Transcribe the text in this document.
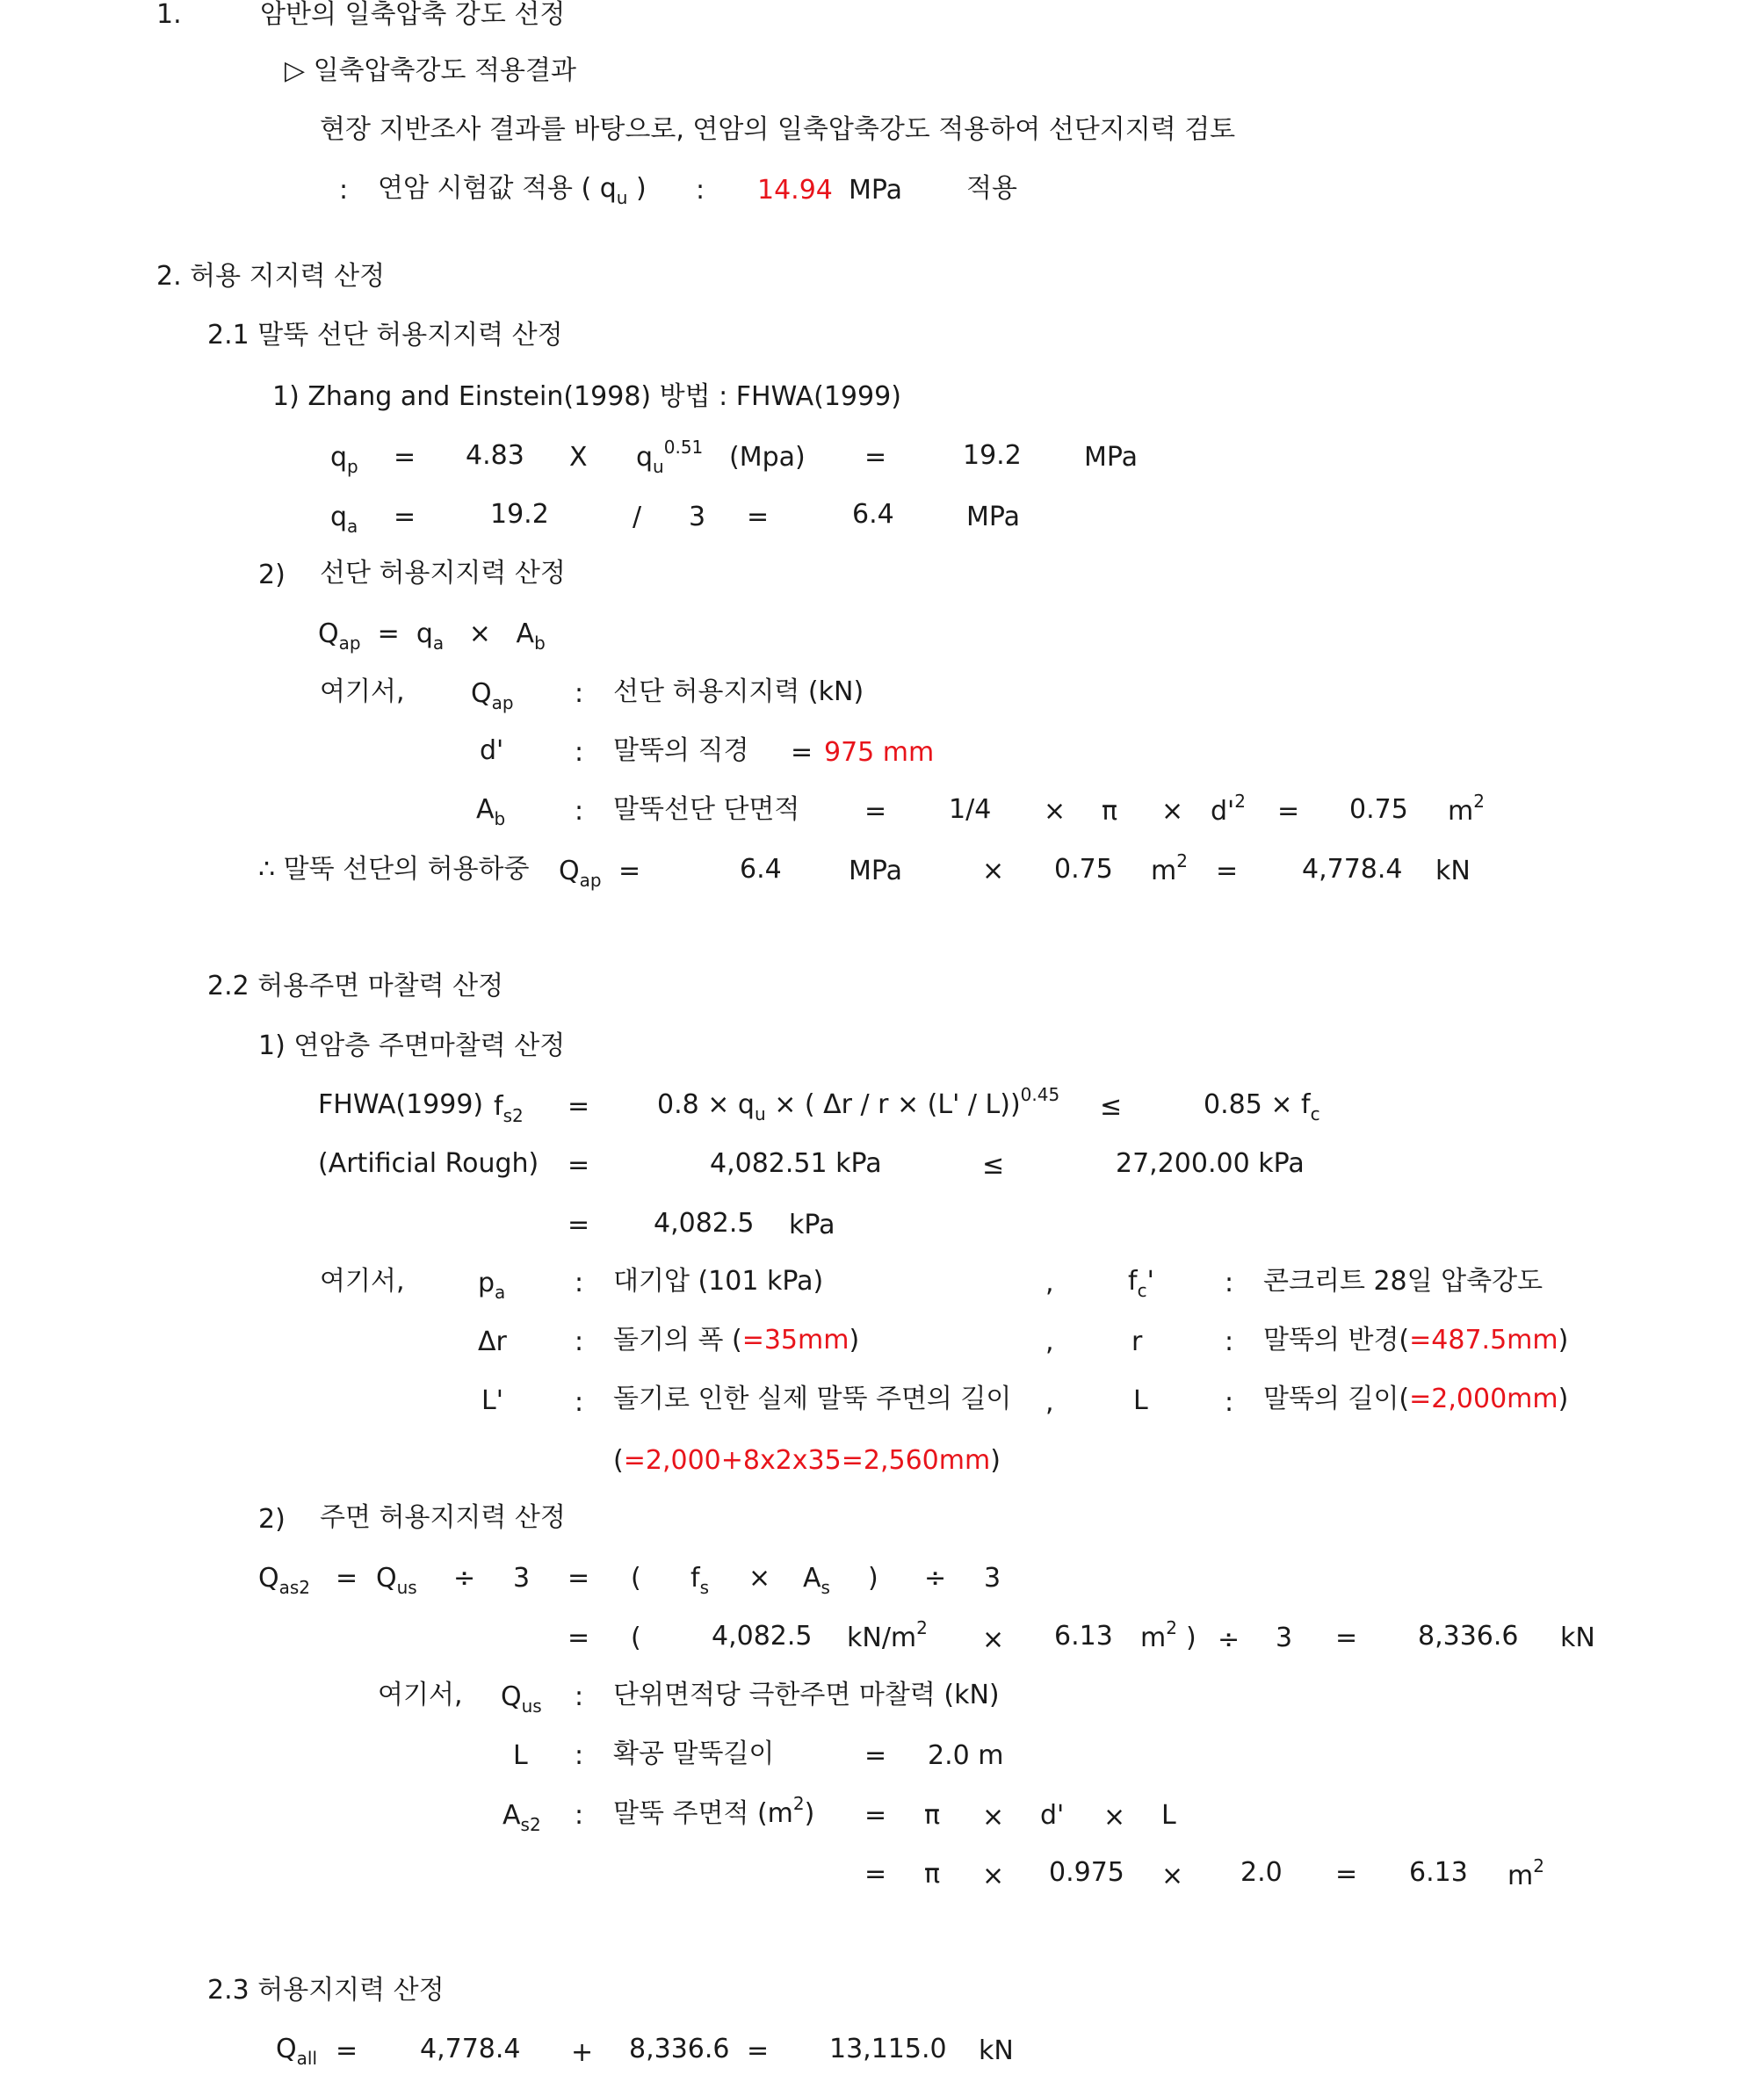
1.	암반의 일축압축 강도 선정
▷ 일축압축강도 적용결과
현장 지반조사 결과를 바탕으로, 연암의 일축압축강도 적용하여 선단지지력 검토
: 연암 시험값 적용 ( $q_u$ ) : 14.94 MPa 적용
2. 허용 지지력 산정
2.1 말뚝 선단 허용지지력 산정
1) Zhang and Einstein(1998) 방법 : FHWA(1999)
$q_p = 4.83$ X $q_u^{0.51}$ (Mpa) =	19.2 MPa
$q_a$ =	19.2	/ 3 =	6.4	MPa
2) 선단 허용지지력 산정
$Q_{ap} = q_a \times A_b$
여기서,	$Q_{ap}$ : 선단 허용지지력 (kN)
d'	: 말뚝의 직경 = 975 mm
$A_b$	: 말뚝선단 단면적 = $1/4 \times \pi \times d'^2 = 0.75$ $m^2$
∴ 말뚝 선단의 허용하중 $Q_{ap}$ =	6.4	MPa	× 0.75 $m^2 = 4,778.4$ kN
2.2 허용주면 마찰력 산정
1) 연암층 주면마찰력 산정
FHWA(1999) $f_{s2}$ =	$0.8 \times q_u$ × ( Δr / r × (L' / L))$^{0.45}$ ≤	$0.85 \times f_c$
(Artificial Rough) =	4,082.51 kPa	≤	27,200.00 kPa
= 4,082.5 kPa
여기서,	$p_a$	: 대기압 (101 kPa)	,	$f_c'$	: 콘크리트 28일 압축강도
Δr	: 돌기의 폭 (=35mm)	,	r	: 말뚝의 반경(=487.5mm)
L'	: 돌기로 인한 실제 말뚝 주면의 길이 ,	L	: 말뚝의 길이(=2,000mm)
(=2,000+8x2x35=2,560mm)
2) 주면 허용지지력 산정
$Q_{as2} = Q_{us} \div 3$ = ( $f_s \times A_s$ ) ÷ 3
= (	4,082.5 $kN/m^2 \times 6.13$ $m^2$ ) ÷ 3 = 8,336.6 kN
여기서, $Q_{us}$ : 단위면적당 극한주면 마찰력 (kN)
L : 확공 말뚝길이	= 2.0 m
$A_{s2}$ : 말뚝 주면적 $(m^2) = \pi \times d' \times L$
= π × 0.975 × 2.0 = 6.13 $m^2$
2.3 허용지지력 산정
$Q_{all} = 4,778.4 + 8,336.6 = 13,115.0$ kN
